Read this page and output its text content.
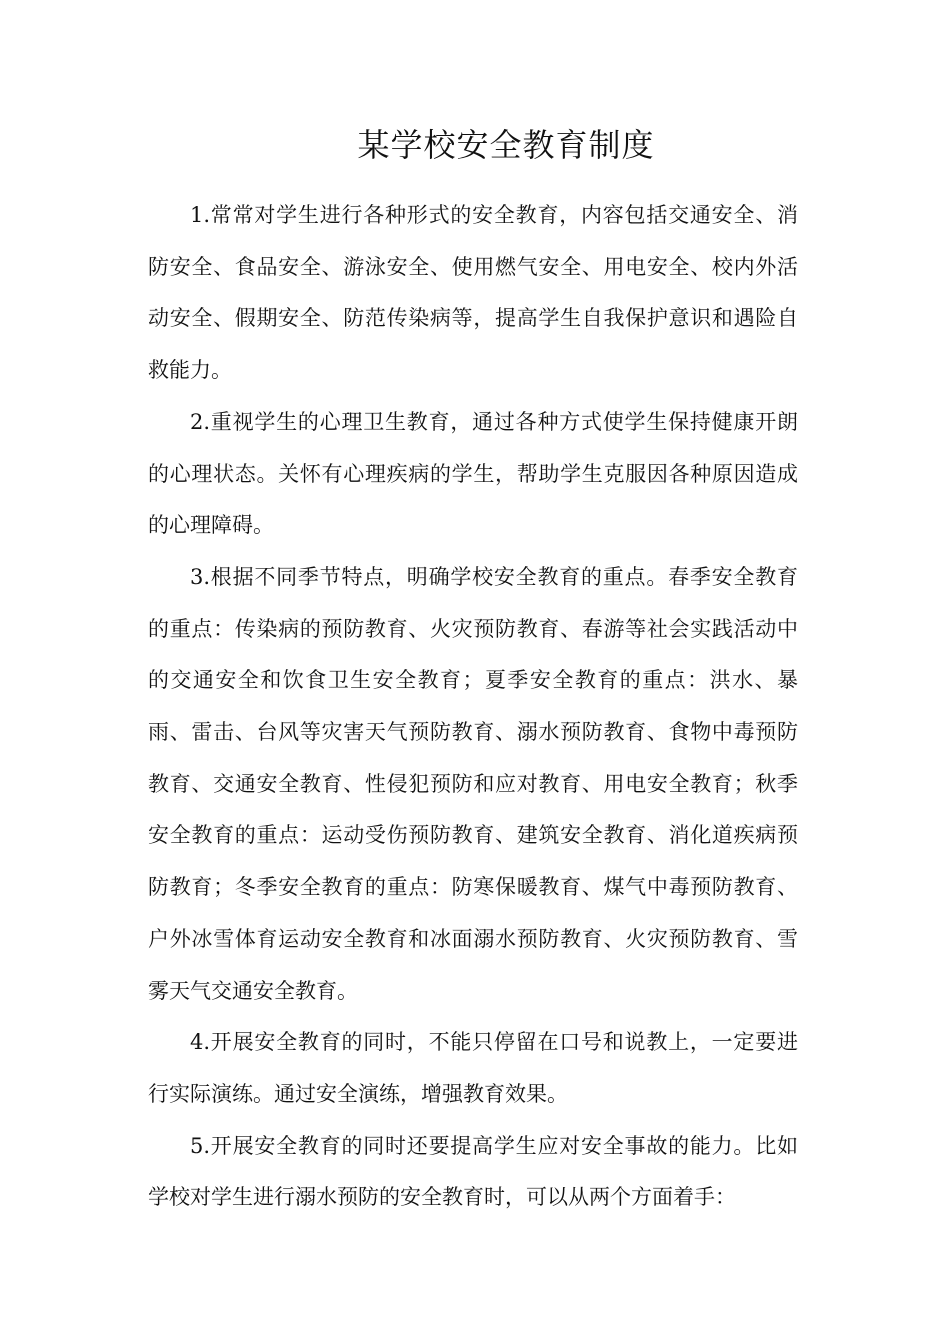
某学校安全教育制度

1.常常对学生进行各种形式的安全教育，内容包括交通安全、消防安全、食品安全、游泳安全、使用燃气安全、用电安全、校内外活动安全、假期安全、防范传染病等，提高学生自我保护意识和遇险自救能力。

2.重视学生的心理卫生教育，通过各种方式使学生保持健康开朗的心理状态。关怀有心理疾病的学生，帮助学生克服因各种原因造成的心理障碍。

3.根据不同季节特点，明确学校安全教育的重点。春季安全教育的重点：传染病的预防教育、火灾预防教育、春游等社会实践活动中的交通安全和饮食卫生安全教育；夏季安全教育的重点：洪水、暴雨、雷击、台风等灾害天气预防教育、溺水预防教育、食物中毒预防教育、交通安全教育、性侵犯预防和应对教育、用电安全教育；秋季安全教育的重点：运动受伤预防教育、建筑安全教育、消化道疾病预防教育；冬季安全教育的重点：防寒保暖教育、煤气中毒预防教育、户外冰雪体育运动安全教育和冰面溺水预防教育、火灾预防教育、雪雾天气交通安全教育。

4.开展安全教育的同时，不能只停留在口号和说教上，一定要进行实际演练。通过安全演练，增强教育效果。

5.开展安全教育的同时还要提高学生应对安全事故的能力。比如学校对学生进行溺水预防的安全教育时，可以从两个方面着手：
